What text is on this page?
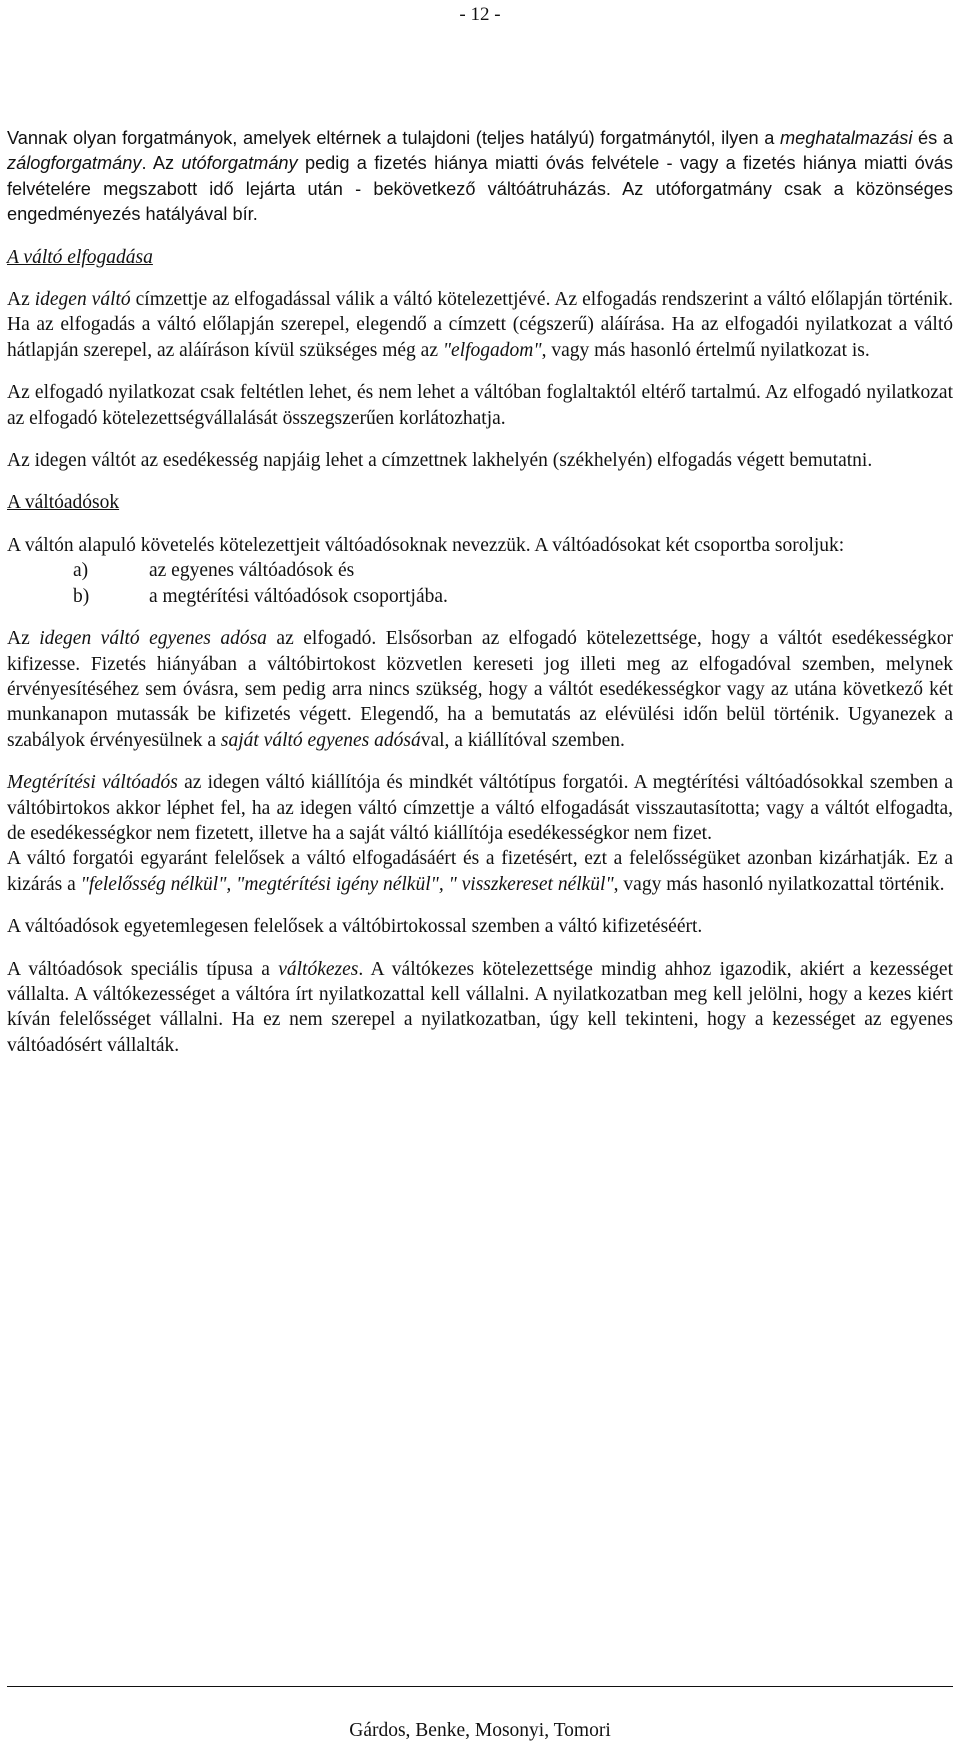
- 12 -

Vannak olyan forgatmányok, amelyek eltérnek a tulajdoni (teljes hatályú) forgatmánytól, ilyen a meghatalmazási és a zálogforgatmány. Az utóforgatmány pedig a fizetés hiánya miatti óvás felvétele - vagy a fizetés hiánya miatti óvás felvételére megszabott idő lejárta után - bekövetkező váltóátruházás. Az utóforgatmány csak a közönséges engedményezés hatályával bír.

A váltó elfogadása

Az idegen váltó címzettje az elfogadással válik a váltó kötelezettjévé. Az elfogadás rendszerint a váltó előlapján történik. Ha az elfogadás a váltó előlapján szerepel, elegendő a címzett (cégszerű) aláírása. Ha az elfogadói nyilatkozat a váltó hátlapján szerepel, az aláíráson kívül szükséges még az "elfogadom", vagy más hasonló értelmű nyilatkozat is.

Az elfogadó nyilatkozat csak feltétlen lehet, és nem lehet a váltóban foglaltaktól eltérő tartalmú. Az elfogadó nyilatkozat az elfogadó kötelezettségvállalását összegszerűen korlátozhatja.

Az idegen váltót az esedékesség napjáig lehet a címzettnek lakhelyén (székhelyén) elfogadás végett bemutatni.

A váltóadósok

A váltón alapuló követelés kötelezettjeit váltóadósoknak nevezzük. A váltóadósokat két csoportba soroljuk:

a)	az egyenes váltóadósok és
b)	a megtérítési váltóadósok csoportjába.

Az idegen váltó egyenes adósa az elfogadó. Elsősorban az elfogadó kötelezettsége, hogy a váltót esedékességkor kifizesse. Fizetés hiányában a váltóbirtokost közvetlen kereseti jog illeti meg az elfogadóval szemben, melynek érvényesítéséhez sem óvásra, sem pedig arra nincs szükség, hogy a váltót esedékességkor vagy az utána következő két munkanapon mutassák be kifizetés végett. Elegendő, ha a bemutatás az elévülési időn belül történik. Ugyanezek a szabályok érvényesülnek a saját váltó egyenes adósával, a kiállítóval szemben.

Megtérítési váltóadós az idegen váltó kiállítója és mindkét váltótípus forgatói. A megtérítési váltóadósokkal szemben a váltóbirtokos akkor léphet fel, ha az idegen váltó címzettje a váltó elfogadását visszautasította; vagy a váltót elfogadta, de esedékességkor nem fizetett, illetve ha a saját váltó kiállítója esedékességkor nem fizet.

A váltó forgatói egyaránt felelősek a váltó elfogadásáért és a fizetésért, ezt a felelősségüket azonban kizárhatják. Ez a kizárás a "felelősség nélkül", "megtérítési igény nélkül", " visszkereset nélkül", vagy más hasonló nyilatkozattal történik.

A váltóadósok egyetemlegesen felelősek a váltóbirtokossal szemben a váltó kifizetéséért.

A váltóadósok speciális típusa a váltókezes. A váltókezes kötelezettsége mindig ahhoz igazodik, akiért a kezességet vállalta. A váltókezességet a váltóra írt nyilatkozattal kell vállalni. A nyilatkozatban meg kell jelölni, hogy a kezes kiért kíván felelősséget vállalni. Ha ez nem szerepel a nyilatkozatban, úgy kell tekinteni, hogy a kezességet az egyenes váltóadósért vállalták.

Gárdos, Benke, Mosonyi, Tomori
